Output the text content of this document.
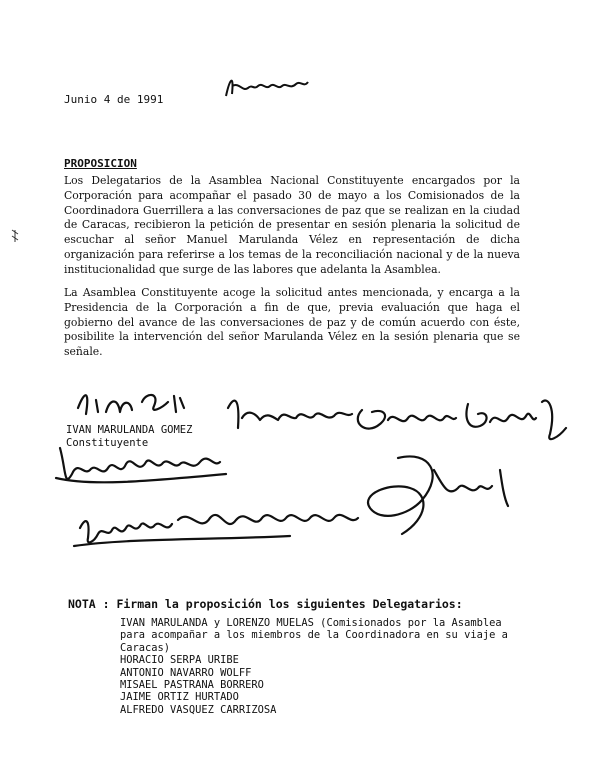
Junio 4 de 1991
PROPOSICION
Los Delegatarios de la Asamblea Nacional Constituyente encargados por la Corporación para acompañar el pasado 30 de mayo a los Comisionados de la Coordinadora Guerrillera a las conversaciones de paz que se realizan en la ciudad de Caracas, recibieron la petición de presentar en sesión plenaria la solicitud de escuchar al señor Manuel Marulanda Vélez en representación de dicha organización para referirse a los temas de la reconciliación nacional y de la nueva institucionalidad que surge de las labores que adelanta la Asamblea.
La Asamblea Constituyente acoge la solicitud antes mencionada, y encarga a la Presidencia de la Corporación a fin de que, previa evaluación que haga el gobierno del avance de las conversaciones de paz y de común acuerdo con éste, posibilite la intervención del señor Marulanda Vélez en la sesión plenaria que se señale.
IVAN MARULANDA GOMEZ
Constituyente
NOTA : Firman la proposición los siguientes Delegatarios:
IVAN MARULANDA y LORENZO MUELAS (Comisionados por la Asamblea para acompañar a los miembros de la Coordinadora en su viaje a Caracas)
HORACIO SERPA URIBE
ANTONIO NAVARRO WOLFF
MISAEL PASTRANA BORRERO
JAIME ORTIZ HURTADO
ALFREDO VASQUEZ CARRIZOSA
